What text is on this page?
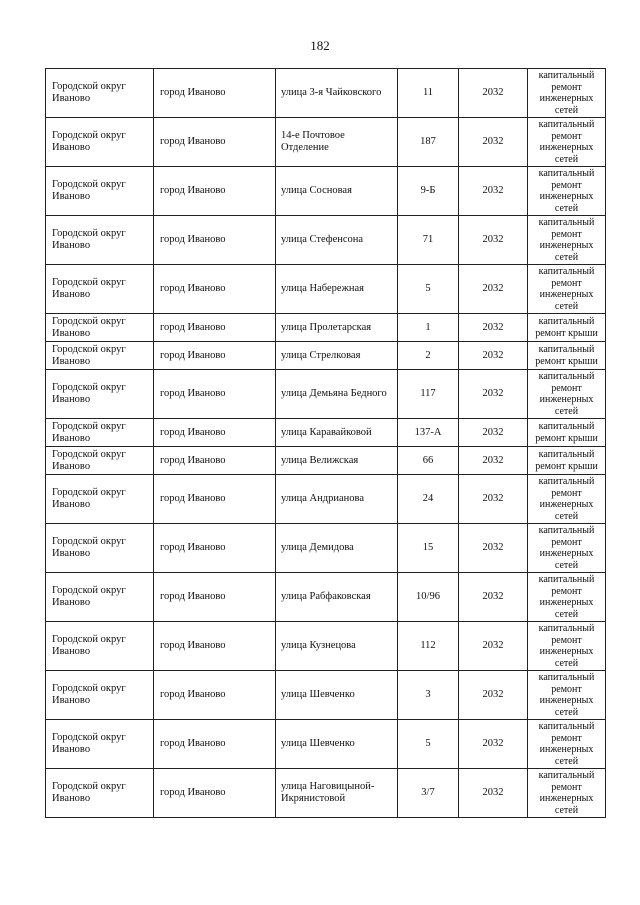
182
Городской округ Иваново	город Иваново	улица 3-я Чайковского	11	2032	капитальный ремонт инженерных сетей
Городской округ Иваново	город Иваново	14-е Почтовое Отделение	187	2032	капитальный ремонт инженерных сетей
Городской округ Иваново	город Иваново	улица Сосновая	9-Б	2032	капитальный ремонт инженерных сетей
Городской округ Иваново	город Иваново	улица Стефенсона	71	2032	капитальный ремонт инженерных сетей
Городской округ Иваново	город Иваново	улица Набережная	5	2032	капитальный ремонт инженерных сетей
Городской округ Иваново	город Иваново	улица Пролетарская	1	2032	капитальный ремонт крыши
Городской округ Иваново	город Иваново	улица Стрелковая	2	2032	капитальный ремонт крыши
Городской округ Иваново	город Иваново	улица Демьяна Бедного	117	2032	капитальный ремонт инженерных сетей
Городской округ Иваново	город Иваново	улица Каравайковой	137-А	2032	капитальный ремонт крыши
Городской округ Иваново	город Иваново	улица Велижская	66	2032	капитальный ремонт крыши
Городской округ Иваново	город Иваново	улица Андрианова	24	2032	капитальный ремонт инженерных сетей
Городской округ Иваново	город Иваново	улица Демидова	15	2032	капитальный ремонт инженерных сетей
Городской округ Иваново	город Иваново	улица Рабфаковская	10/96	2032	капитальный ремонт инженерных сетей
Городской округ Иваново	город Иваново	улица Кузнецова	112	2032	капитальный ремонт инженерных сетей
Городской округ Иваново	город Иваново	улица Шевченко	3	2032	капитальный ремонт инженерных сетей
Городской округ Иваново	город Иваново	улица Шевченко	5	2032	капитальный ремонт инженерных сетей
Городской округ Иваново	город Иваново	улица Наговицыной-Икрянистовой	3/7	2032	капитальный ремонт инженерных сетей
